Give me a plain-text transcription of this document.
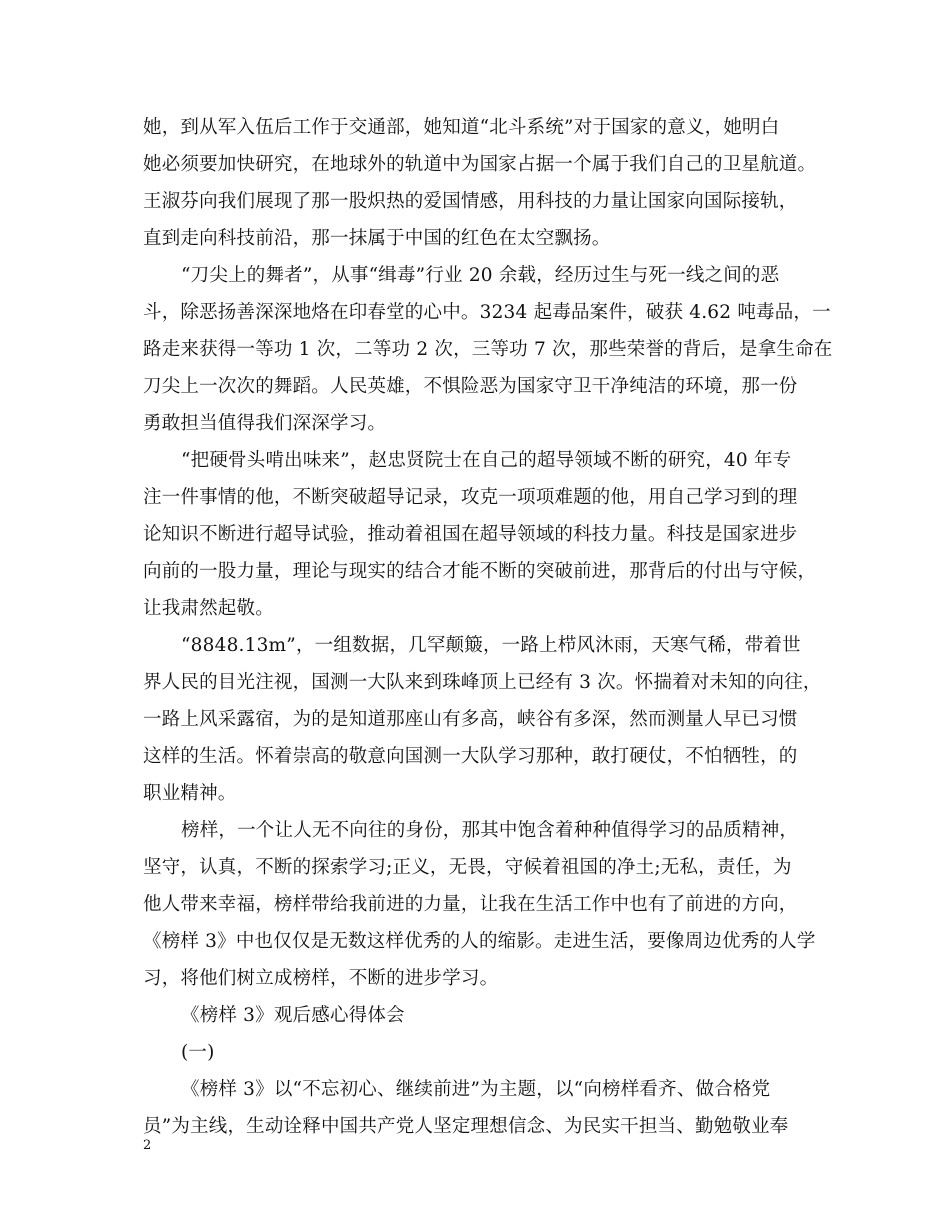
她，到从军入伍后工作于交通部，她知道“北斗系统”对于国家的意义，她明白
她必须要加快研究，在地球外的轨道中为国家占据一个属于我们自己的卫星航道。
王淑芬向我们展现了那一股炽热的爱国情感，用科技的力量让国家向国际接轨，
直到走向科技前沿，那一抹属于中国的红色在太空飘扬。
“刀尖上的舞者”，从事“缉毒”行业 20 余载，经历过生与死一线之间的恶
斗，除恶扬善深深地烙在印春堂的心中。3234 起毒品案件，破获 4.62 吨毒品，一
路走来获得一等功 1 次，二等功 2 次，三等功 7 次，那些荣誉的背后，是拿生命在
刀尖上一次次的舞蹈。人民英雄，不惧险恶为国家守卫干净纯洁的环境，那一份
勇敢担当值得我们深深学习。
“把硬骨头啃出味来”，赵忠贤院士在自己的超导领域不断的研究，40 年专
注一件事情的他，不断突破超导记录，攻克一项项难题的他，用自己学习到的理
论知识不断进行超导试验，推动着祖国在超导领域的科技力量。科技是国家进步
向前的一股力量，理论与现实的结合才能不断的突破前进，那背后的付出与守候，
让我肃然起敬。
“8848.13m”，一组数据，几罕颠簸，一路上栉风沐雨，天寒气稀，带着世
界人民的目光注视，国测一大队来到珠峰顶上已经有 3 次。怀揣着对未知的向往，
一路上风采露宿，为的是知道那座山有多高，峡谷有多深，然而测量人早已习惯
这样的生活。怀着崇高的敬意向国测一大队学习那种，敢打硬仗，不怕牺牲，的
职业精神。
榜样，一个让人无不向往的身份，那其中饱含着种种值得学习的品质精神，
坚守，认真，不断的探索学习;正义，无畏，守候着祖国的净土;无私，责任，为
他人带来幸福，榜样带给我前进的力量，让我在生活工作中也有了前进的方向，
《榜样 3》中也仅仅是无数这样优秀的人的缩影。走进生活，要像周边优秀的人学
习，将他们树立成榜样，不断的进步学习。
《榜样 3》观后感心得体会
(一)
《榜样 3》以“不忘初心、继续前进”为主题，以“向榜样看齐、做合格党
员”为主线，生动诠释中国共产党人坚定理想信念、为民实干担当、勤勉敬业奉
2
